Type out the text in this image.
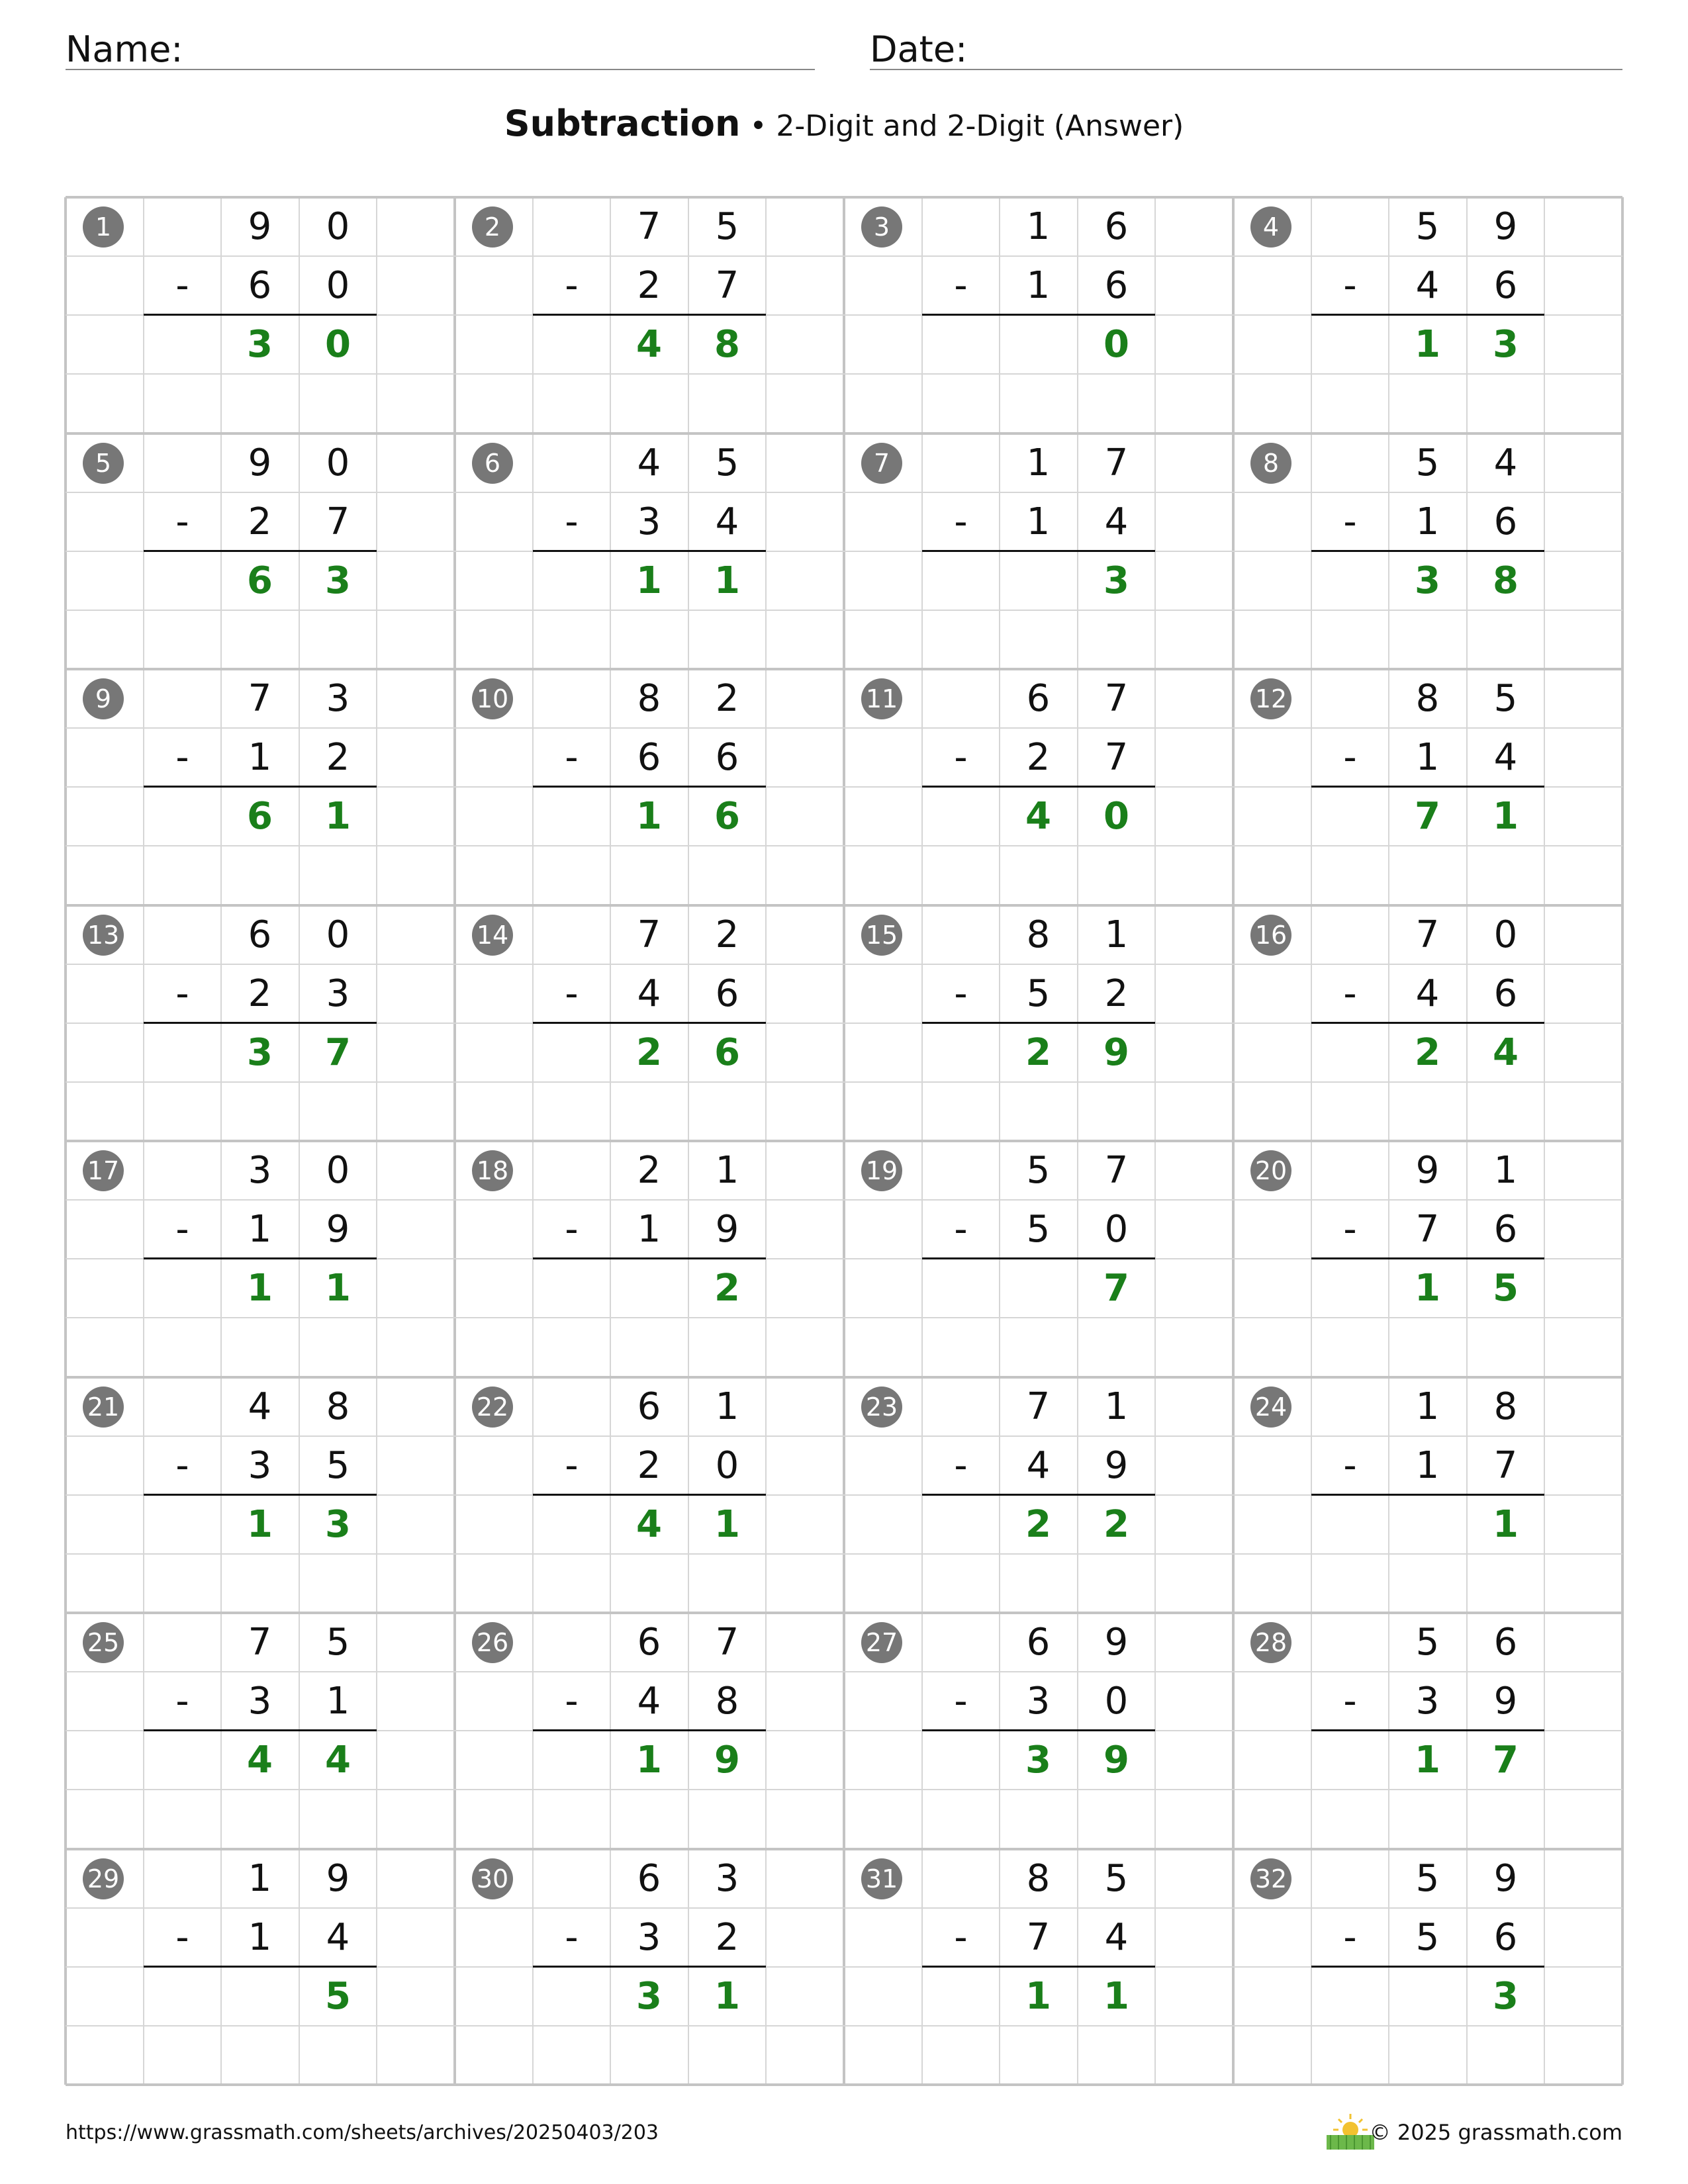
Name:	Date:
Subtraction • 2-Digit and 2-Digit (Answer)
1	9	0
-	6	0
3	0
2	7	5
-	2	7
4	8
3	1	6
-	1	6
0
4	5	9
-	4	6
1	3
5	9	0
-	2	7
6	3
6	4	5
-	3	4
1	1
7	1	7
-	1	4
3
8	5	4
-	1	6
3	8
9	7	3
-	1	2
6	1
10	8	2
-	6	6
1	6
11	6	7
-	2	7
4	0
12	8	5
-	1	4
7	1
13	6	0
-	2	3
3	7
14	7	2
-	4	6
2	6
15	8	1
-	5	2
2	9
16	7	0
-	4	6
2	4
17	3	0
-	1	9
1	1
18	2	1
-	1	9
2
19	5	7
-	5	0
7
20	9	1
-	7	6
1	5
21	4	8
-	3	5
1	3
22	6	1
-	2	0
4	1
23	7	1
-	4	9
2	2
24	1	8
-	1	7
1
25	7	5
-	3	1
4	4
26	6	7
-	4	8
1	9
27	6	9
-	3	0
3	9
28	5	6
-	3	9
1	7
29	1	9
-	1	4
5
30	6	3
-	3	2
3	1
31	8	5
-	7	4
1	1
32	5	9
-	5	6
3
https://www.grassmath.com/sheets/archives/20250403/203	© 2025 grassmath.com
